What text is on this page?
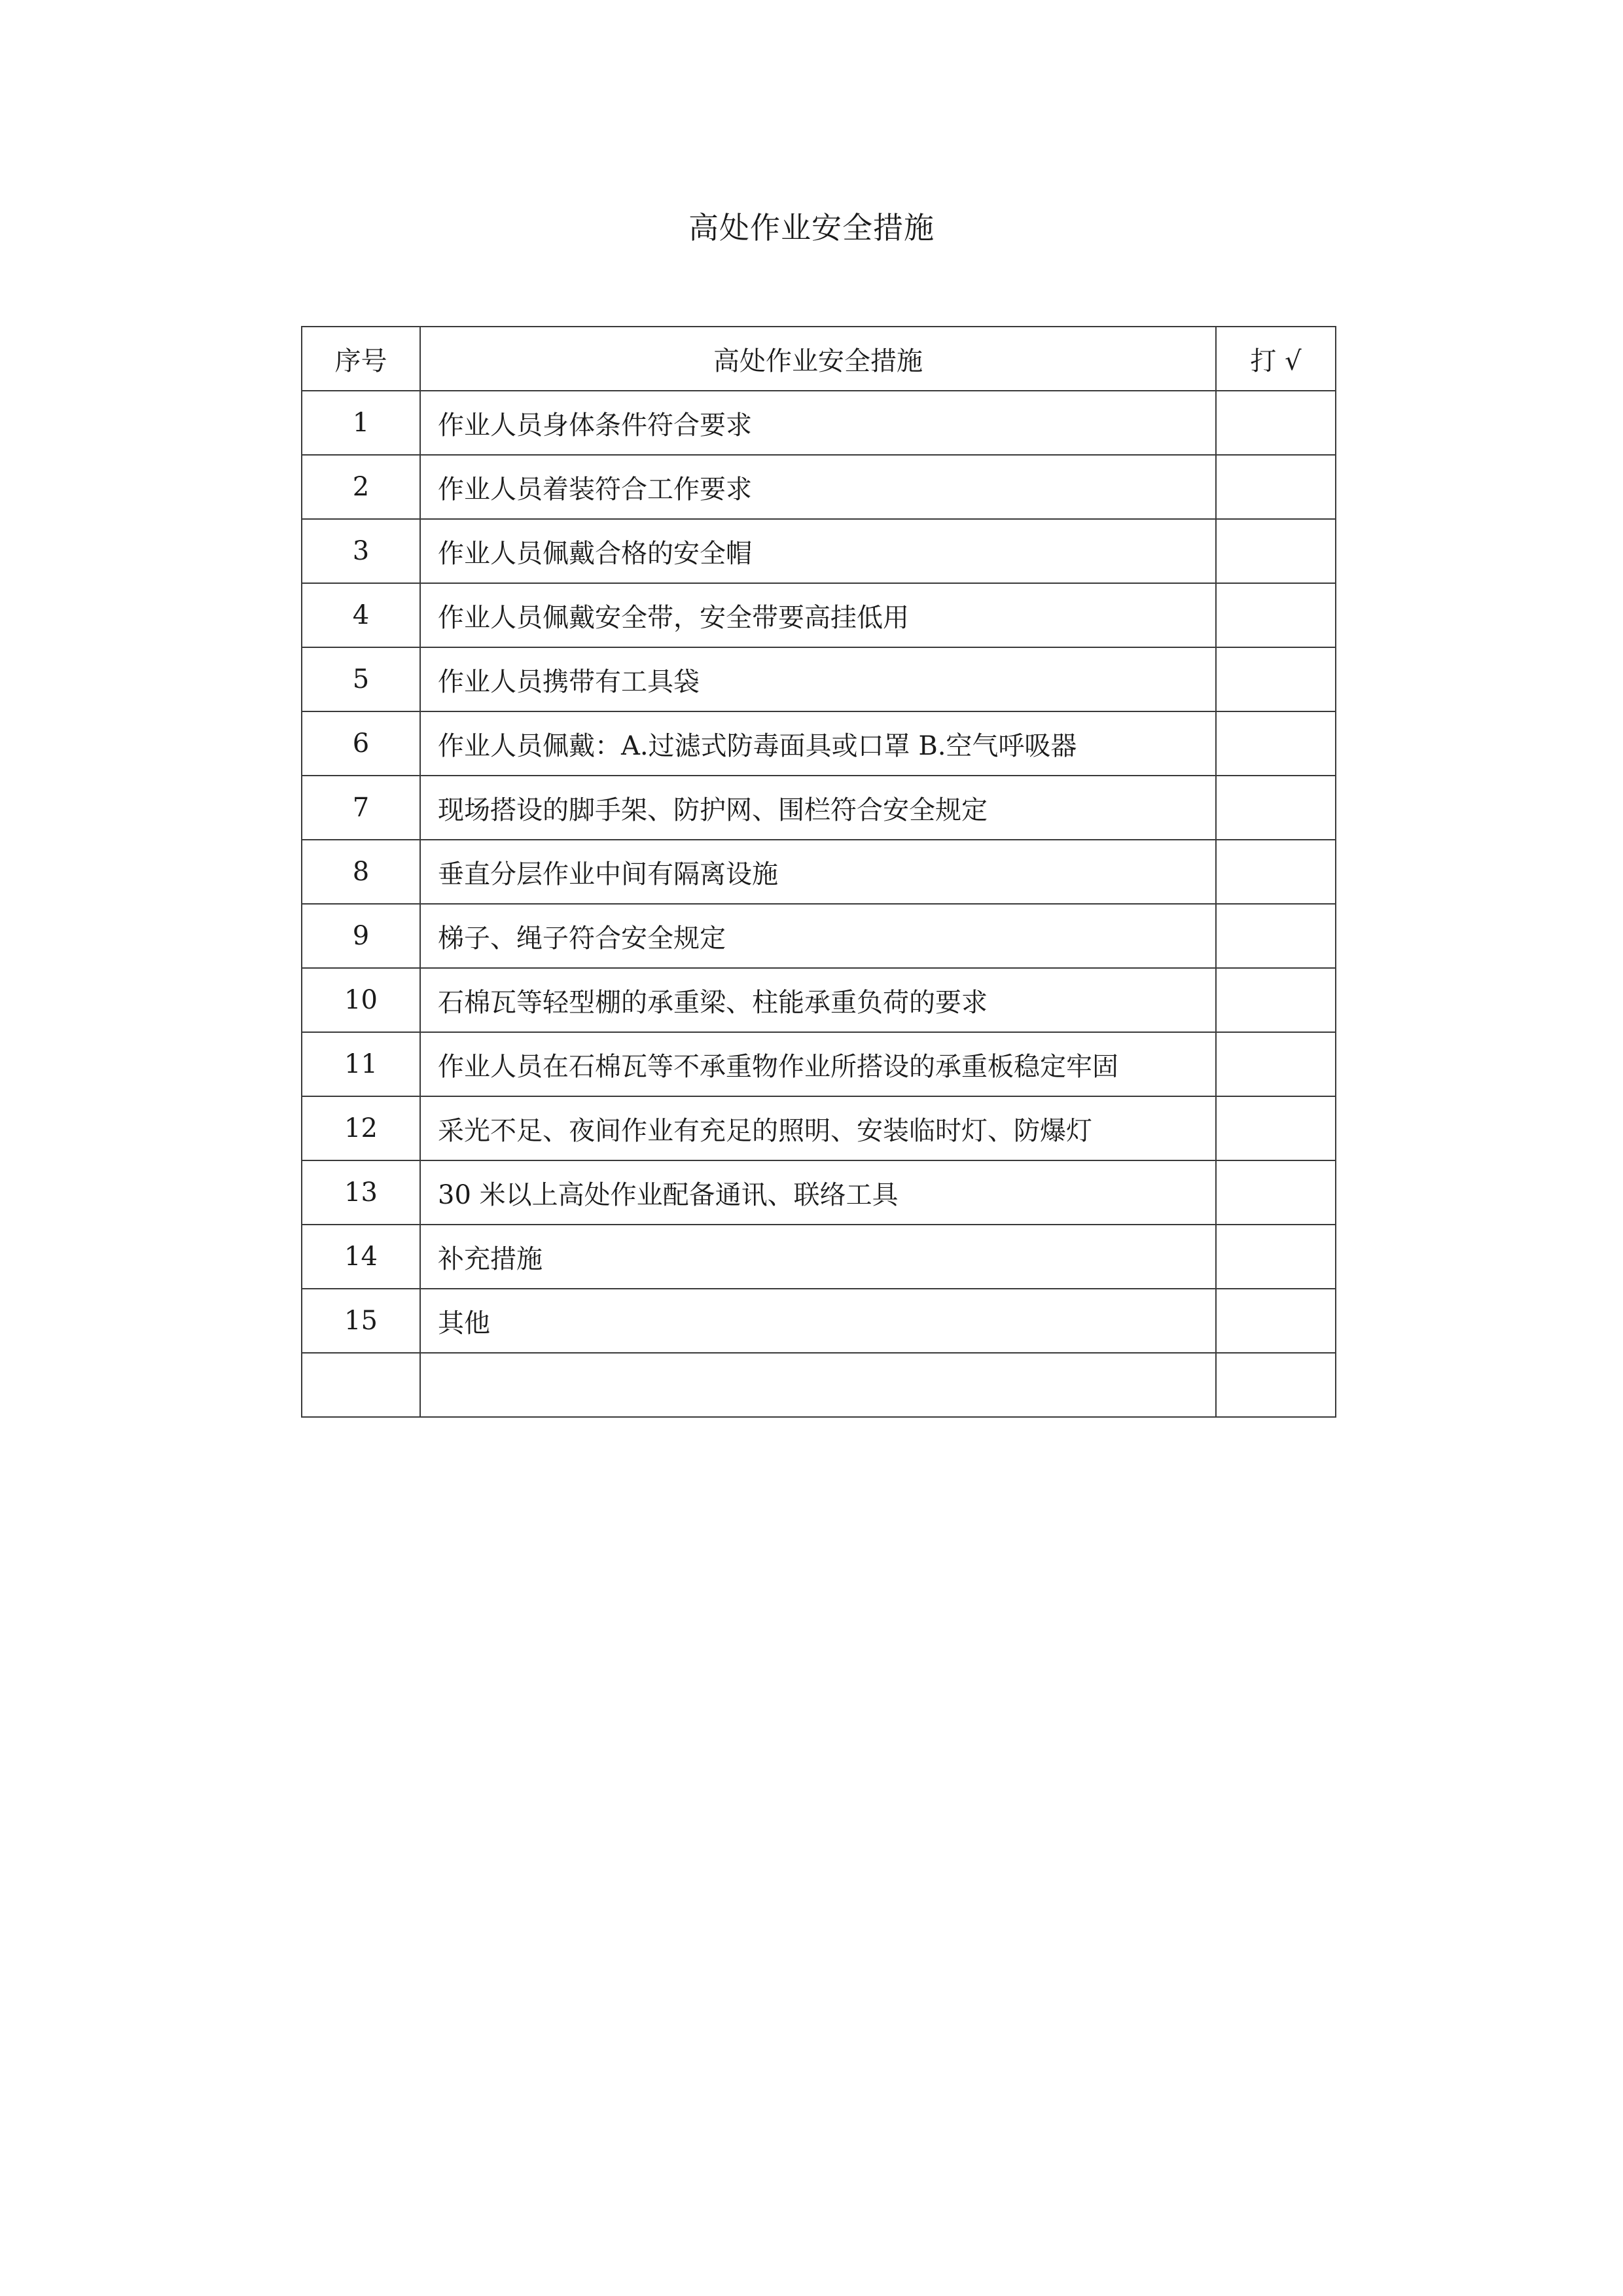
高处作业安全措施
序号	高处作业安全措施	打 √
1	作业人员身体条件符合要求	
2	作业人员着装符合工作要求	
3	作业人员佩戴合格的安全帽	
4	作业人员佩戴安全带，安全带要高挂低用	
5	作业人员携带有工具袋	
6	作业人员佩戴：A.过滤式防毒面具或口罩 B.空气呼吸器	
7	现场搭设的脚手架、防护网、围栏符合安全规定	
8	垂直分层作业中间有隔离设施	
9	梯子、绳子符合安全规定	
10	石棉瓦等轻型棚的承重梁、柱能承重负荷的要求	
11	作业人员在石棉瓦等不承重物作业所搭设的承重板稳定牢固	
12	采光不足、夜间作业有充足的照明、安装临时灯、防爆灯	
13	30 米以上高处作业配备通讯、联络工具	
14	补充措施	
15	其他	
